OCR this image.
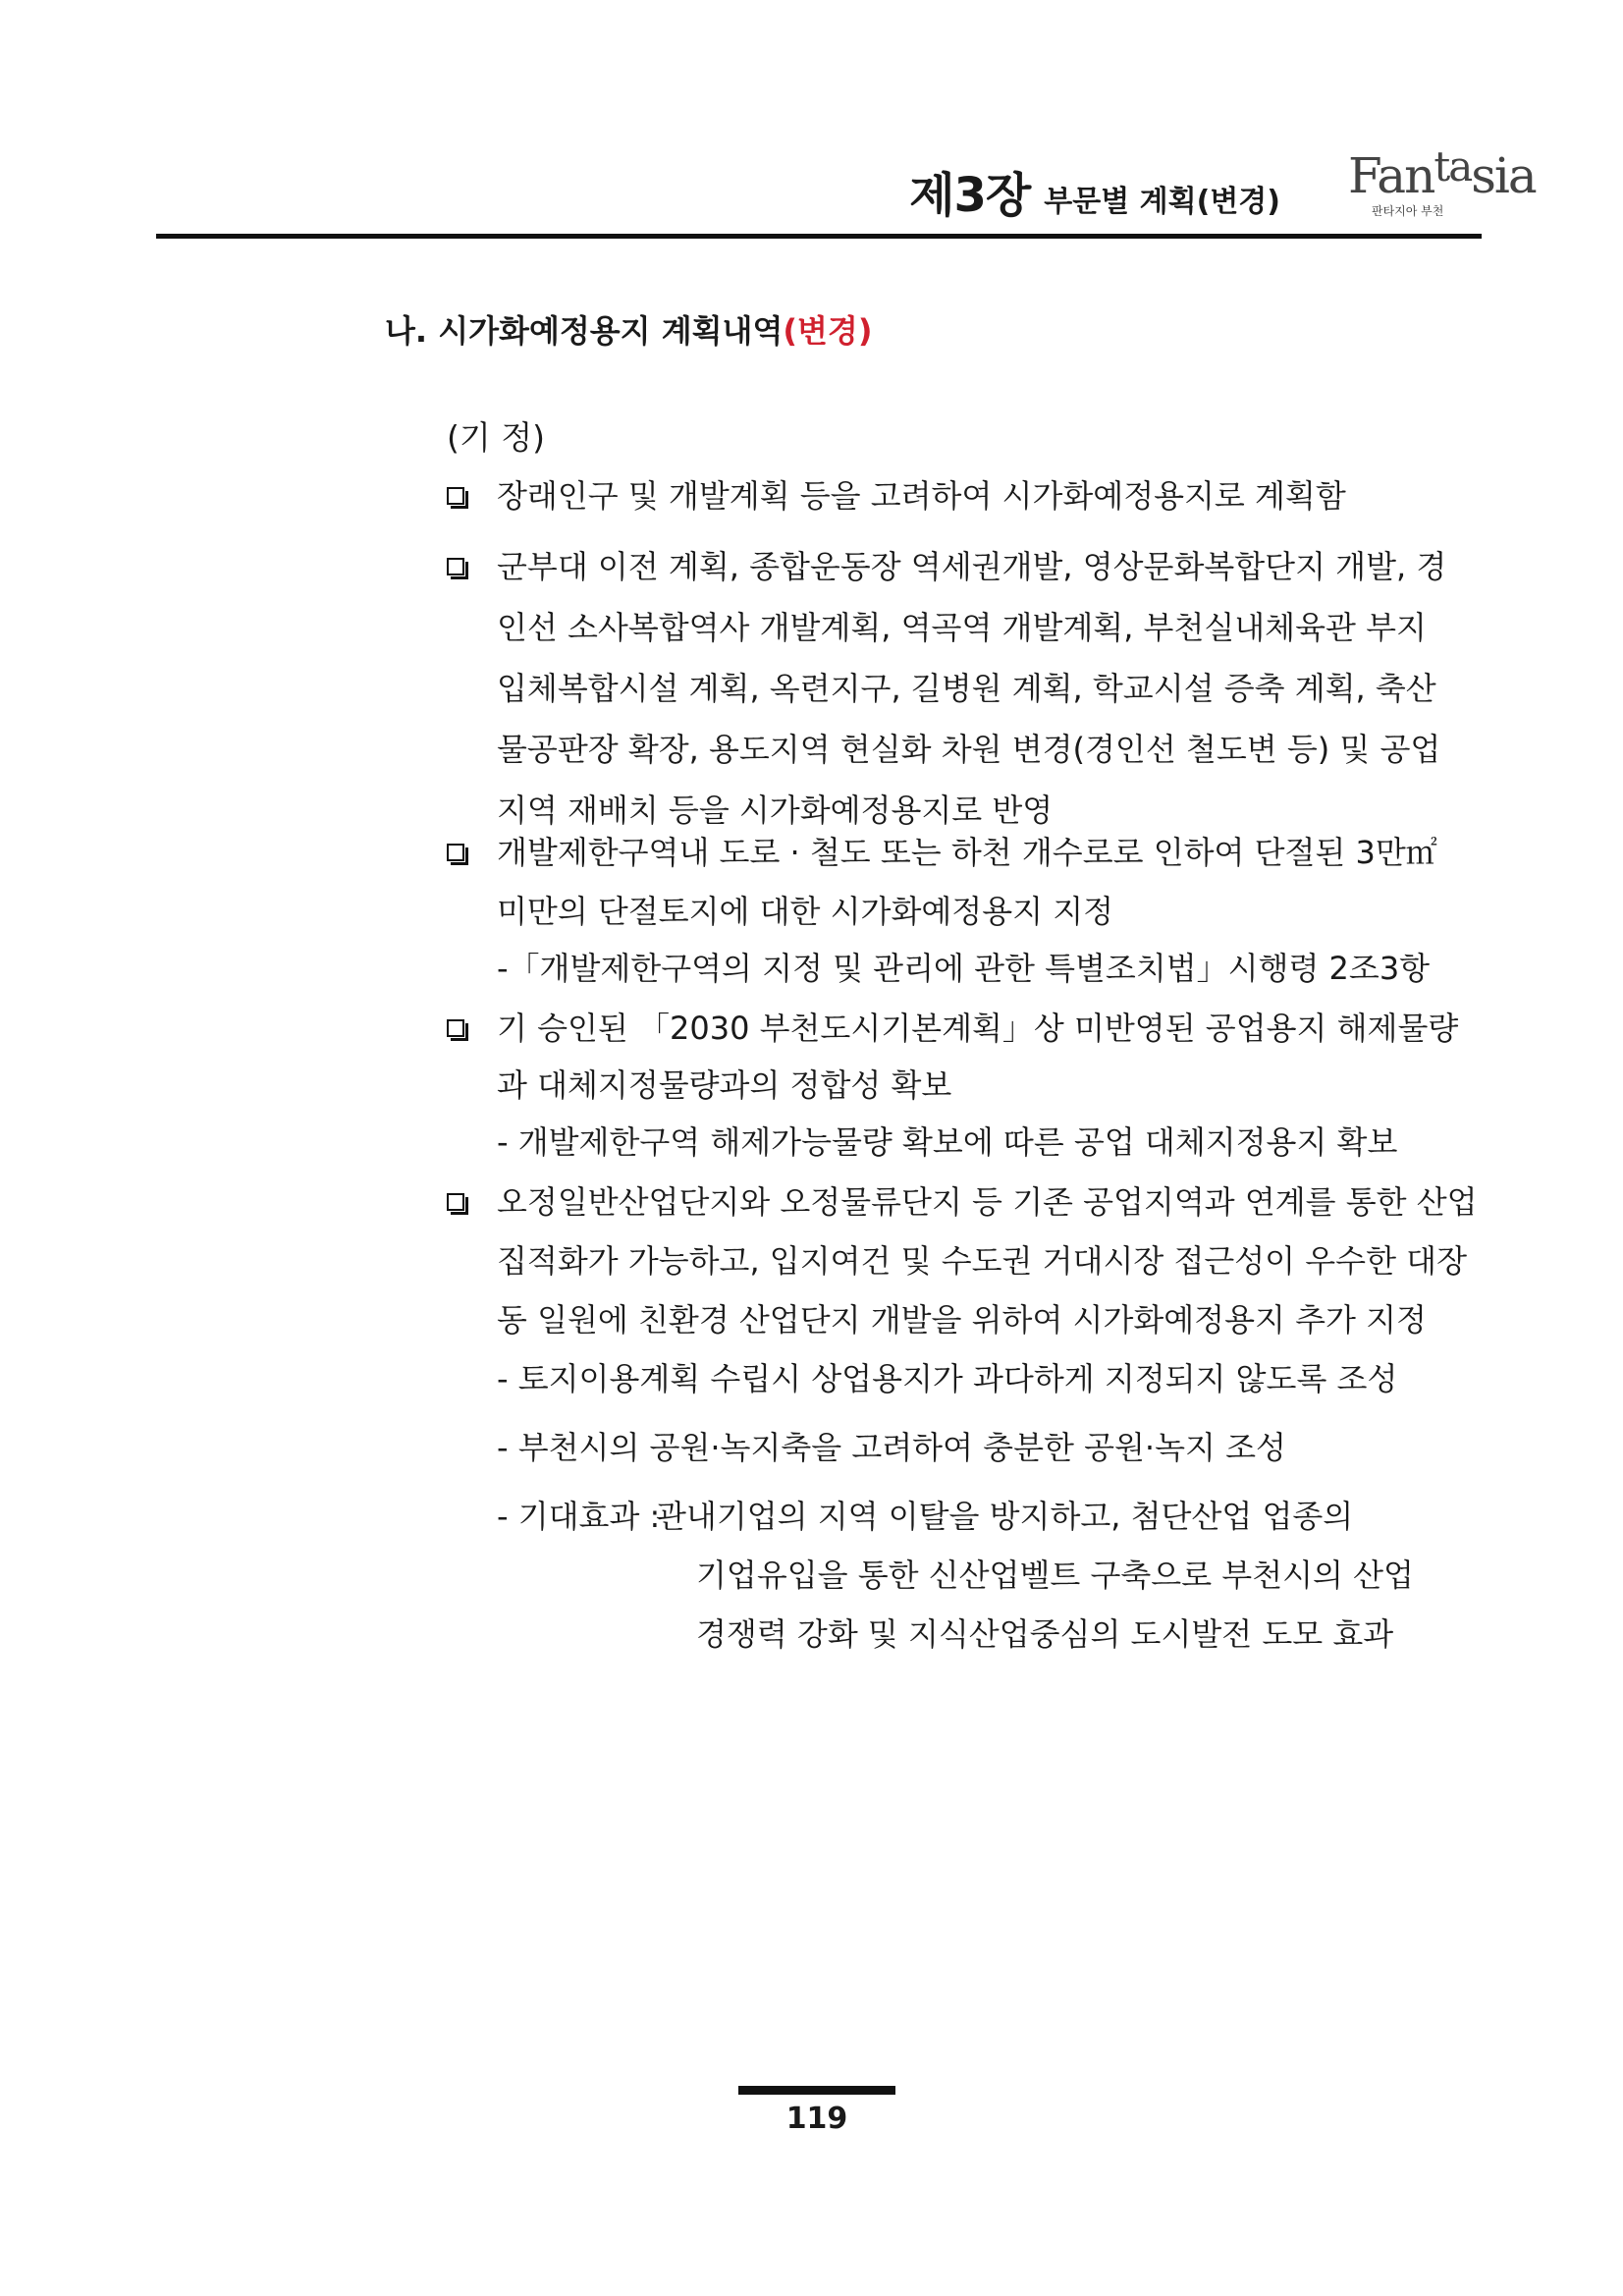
제3장 부문별 계획(변경) Fan$^{ta}$sia
판타지아 부천
나. 시가화예정용지 계획내역(변경)
(기 정)
장래인구 및 개발계획 등을 고려하여 시가화예정용지로 계획함
군부대 이전 계획, 종합운동장 역세권개발, 영상문화복합단지 개발, 경
인선 소사복합역사 개발계획, 역곡역 개발계획, 부천실내체육관 부지
입체복합시설 계획, 옥련지구, 길병원 계획, 학교시설 증축 계획, 축산
물공판장 확장, 용도지역 현실화 차원 변경(경인선 철도변 등) 및 공업
지역 재배치 등을 시가화예정용지로 반영
개발제한구역내 도로 · 철도 또는 하천 개수로로 인하여 단절된 3만㎡
미만의 단절토지에 대한 시가화예정용지 지정
-「개발제한구역의 지정 및 관리에 관한 특별조치법」시행령 2조3항
기 승인된 「2030 부천도시기본계획」상 미반영된 공업용지 해제물량
과 대체지정물량과의 정합성 확보
- 개발제한구역 해제가능물량 확보에 따른 공업 대체지정용지 확보
오정일반산업단지와 오정물류단지 등 기존 공업지역과 연계를 통한 산업
집적화가 가능하고, 입지여건 및 수도권 거대시장 접근성이 우수한 대장
동 일원에 친환경 산업단지 개발을 위하여 시가화예정용지 추가 지정
- 토지이용계획 수립시 상업용지가 과다하게 지정되지 않도록 조성
- 부천시의 공원·녹지축을 고려하여 충분한 공원·녹지 조성
- 기대효과 :
관내기업의 지역 이탈을 방지하고, 첨단산업 업종의
기업유입을 통한 신산업벨트 구축으로 부천시의 산업
경쟁력 강화 및 지식산업중심의 도시발전 도모 효과
119
